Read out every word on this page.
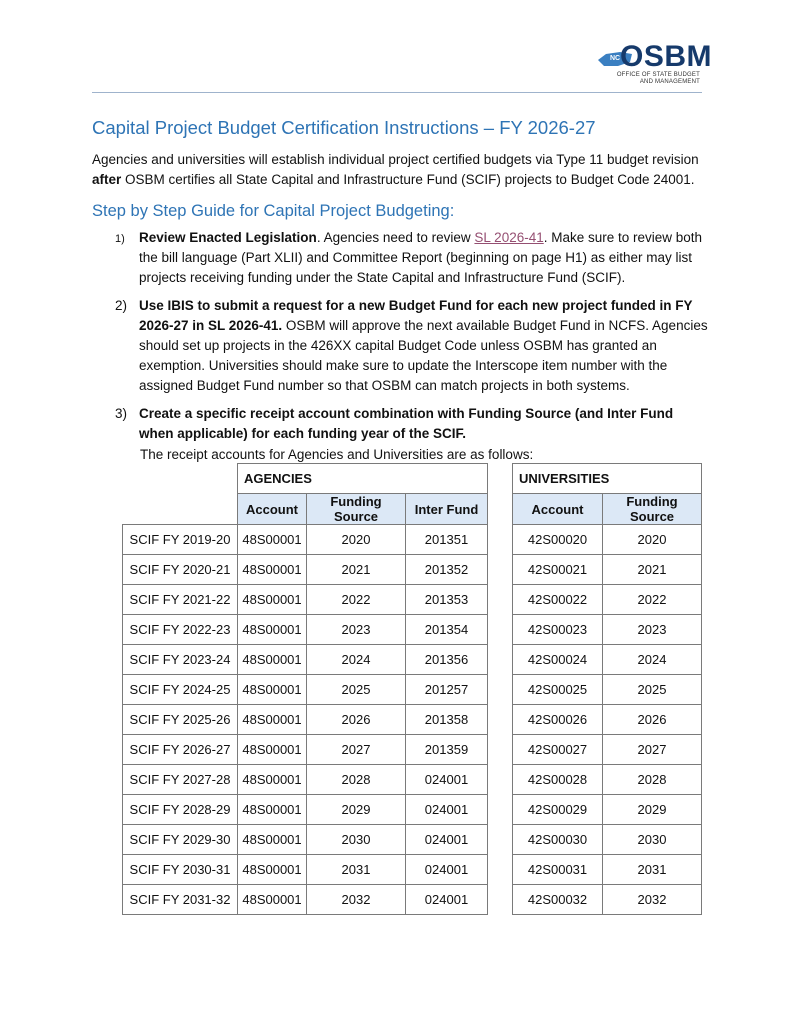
NC OSBM
OFFICE OF STATE BUDGET
AND MANAGEMENT
Capital Project Budget Certification Instructions – FY 2026-27
Agencies and universities will establish individual project certified budgets via Type 11 budget revision after OSBM certifies all State Capital and Infrastructure Fund (SCIF) projects to Budget Code 24001.
Step by Step Guide for Capital Project Budgeting:
1) Review Enacted Legislation. Agencies need to review SL 2026-41. Make sure to review both the bill language (Part XLII) and Committee Report (beginning on page H1) as either may list projects receiving funding under the State Capital and Infrastructure Fund (SCIF).
2) Use IBIS to submit a request for a new Budget Fund for each new project funded in FY 2026-27 in SL 2026-41. OSBM will approve the next available Budget Fund in NCFS. Agencies should set up projects in the 426XX capital Budget Code unless OSBM has granted an exemption. Universities should make sure to update the Interscope item number with the assigned Budget Fund number so that OSBM can match projects in both systems.
3) Create a specific receipt account combination with Funding Source (and Inter Fund when applicable) for each funding year of the SCIF.
The receipt accounts for Agencies and Universities are as follows:
	AGENCIES		
	Account	Funding Source	Inter Fund
SCIF FY 2019-20	48S00001	2020	201351
SCIF FY 2020-21	48S00001	2021	201352
SCIF FY 2021-22	48S00001	2022	201353
SCIF FY 2022-23	48S00001	2023	201354
SCIF FY 2023-24	48S00001	2024	201356
SCIF FY 2024-25	48S00001	2025	201257
SCIF FY 2025-26	48S00001	2026	201358
SCIF FY 2026-27	48S00001	2027	201359
SCIF FY 2027-28	48S00001	2028	024001
SCIF FY 2028-29	48S00001	2029	024001
SCIF FY 2029-30	48S00001	2030	024001
SCIF FY 2030-31	48S00001	2031	024001
SCIF FY 2031-32	48S00001	2032	024001
UNIVERSITIES	
Account	Funding Source
42S00020	2020
42S00021	2021
42S00022	2022
42S00023	2023
42S00024	2024
42S00025	2025
42S00026	2026
42S00027	2027
42S00028	2028
42S00029	2029
42S00030	2030
42S00031	2031
42S00032	2032
